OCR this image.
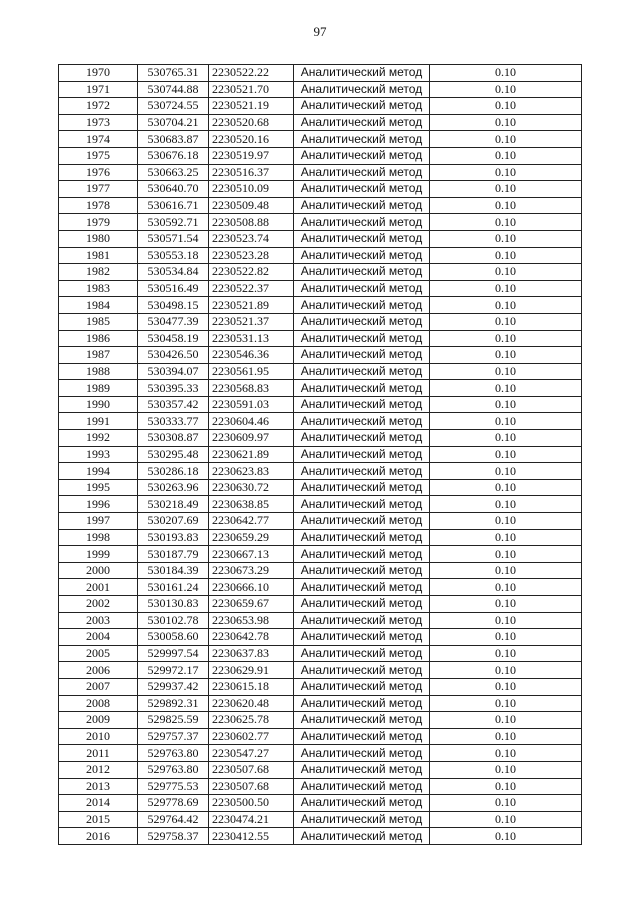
97
1970	530765.31	2230522.22	Аналитический метод	0.10
1971	530744.88	2230521.70	Аналитический метод	0.10
1972	530724.55	2230521.19	Аналитический метод	0.10
1973	530704.21	2230520.68	Аналитический метод	0.10
1974	530683.87	2230520.16	Аналитический метод	0.10
1975	530676.18	2230519.97	Аналитический метод	0.10
1976	530663.25	2230516.37	Аналитический метод	0.10
1977	530640.70	2230510.09	Аналитический метод	0.10
1978	530616.71	2230509.48	Аналитический метод	0.10
1979	530592.71	2230508.88	Аналитический метод	0.10
1980	530571.54	2230523.74	Аналитический метод	0.10
1981	530553.18	2230523.28	Аналитический метод	0.10
1982	530534.84	2230522.82	Аналитический метод	0.10
1983	530516.49	2230522.37	Аналитический метод	0.10
1984	530498.15	2230521.89	Аналитический метод	0.10
1985	530477.39	2230521.37	Аналитический метод	0.10
1986	530458.19	2230531.13	Аналитический метод	0.10
1987	530426.50	2230546.36	Аналитический метод	0.10
1988	530394.07	2230561.95	Аналитический метод	0.10
1989	530395.33	2230568.83	Аналитический метод	0.10
1990	530357.42	2230591.03	Аналитический метод	0.10
1991	530333.77	2230604.46	Аналитический метод	0.10
1992	530308.87	2230609.97	Аналитический метод	0.10
1993	530295.48	2230621.89	Аналитический метод	0.10
1994	530286.18	2230623.83	Аналитический метод	0.10
1995	530263.96	2230630.72	Аналитический метод	0.10
1996	530218.49	2230638.85	Аналитический метод	0.10
1997	530207.69	2230642.77	Аналитический метод	0.10
1998	530193.83	2230659.29	Аналитический метод	0.10
1999	530187.79	2230667.13	Аналитический метод	0.10
2000	530184.39	2230673.29	Аналитический метод	0.10
2001	530161.24	2230666.10	Аналитический метод	0.10
2002	530130.83	2230659.67	Аналитический метод	0.10
2003	530102.78	2230653.98	Аналитический метод	0.10
2004	530058.60	2230642.78	Аналитический метод	0.10
2005	529997.54	2230637.83	Аналитический метод	0.10
2006	529972.17	2230629.91	Аналитический метод	0.10
2007	529937.42	2230615.18	Аналитический метод	0.10
2008	529892.31	2230620.48	Аналитический метод	0.10
2009	529825.59	2230625.78	Аналитический метод	0.10
2010	529757.37	2230602.77	Аналитический метод	0.10
2011	529763.80	2230547.27	Аналитический метод	0.10
2012	529763.80	2230507.68	Аналитический метод	0.10
2013	529775.53	2230507.68	Аналитический метод	0.10
2014	529778.69	2230500.50	Аналитический метод	0.10
2015	529764.42	2230474.21	Аналитический метод	0.10
2016	529758.37	2230412.55	Аналитический метод	0.10
